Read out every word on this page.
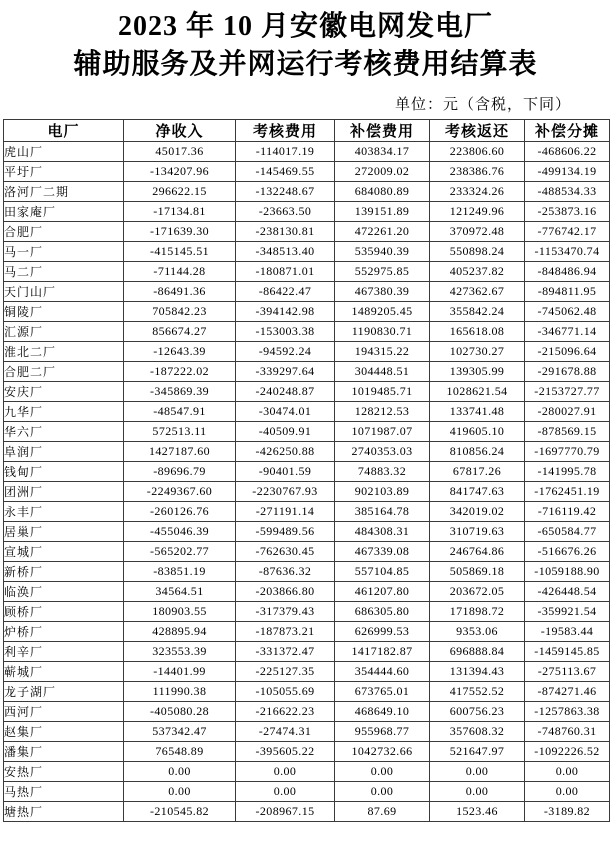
2023 年 10 月安徽电网发电厂
辅助服务及并网运行考核费用结算表
单位：元（含税，下同）
电厂	净收入	考核费用	补偿费用	考核返还	补偿分摊
虎山厂	45017.36	-114017.19	403834.17	223806.60	-468606.22
平圩厂	-134207.96	-145469.55	272009.02	238386.76	-499134.19
洛河厂二期	296622.15	-132248.67	684080.89	233324.26	-488534.33
田家庵厂	-17134.81	-23663.50	139151.89	121249.96	-253873.16
合肥厂	-171639.30	-238130.81	472261.20	370972.48	-776742.17
马一厂	-415145.51	-348513.40	535940.39	550898.24	-1153470.74
马二厂	-71144.28	-180871.01	552975.85	405237.82	-848486.94
天门山厂	-86491.36	-86422.47	467380.39	427362.67	-894811.95
铜陵厂	705842.23	-394142.98	1489205.45	355842.24	-745062.48
汇源厂	856674.27	-153003.38	1190830.71	165618.08	-346771.14
淮北二厂	-12643.39	-94592.24	194315.22	102730.27	-215096.64
合肥二厂	-187222.02	-339297.64	304448.51	139305.99	-291678.88
安庆厂	-345869.39	-240248.87	1019485.71	1028621.54	-2153727.77
九华厂	-48547.91	-30474.01	128212.53	133741.48	-280027.91
华六厂	572513.11	-40509.91	1071987.07	419605.10	-878569.15
阜润厂	1427187.60	-426250.88	2740353.03	810856.24	-1697770.79
钱甸厂	-89696.79	-90401.59	74883.32	67817.26	-141995.78
团洲厂	-2249367.60	-2230767.93	902103.89	841747.63	-1762451.19
永丰厂	-260126.76	-271191.14	385164.78	342019.02	-716119.42
居巢厂	-455046.39	-599489.56	484308.31	310719.63	-650584.77
宣城厂	-565202.77	-762630.45	467339.08	246764.86	-516676.26
新桥厂	-83851.19	-87636.32	557104.85	505869.18	-1059188.90
临涣厂	34564.51	-203866.80	461207.80	203672.05	-426448.54
顾桥厂	180903.55	-317379.43	686305.80	171898.72	-359921.54
炉桥厂	428895.94	-187873.21	626999.53	9353.06	-19583.44
利辛厂	323553.39	-331372.47	1417182.87	696888.84	-1459145.85
蕲城厂	-14401.99	-225127.35	354444.60	131394.43	-275113.67
龙子湖厂	111990.38	-105055.69	673765.01	417552.52	-874271.46
西河厂	-405080.28	-216622.23	468649.10	600756.23	-1257863.38
赵集厂	537342.47	-27474.31	955968.77	357608.32	-748760.31
潘集厂	76548.89	-395605.22	1042732.66	521647.97	-1092226.52
安热厂	0.00	0.00	0.00	0.00	0.00
马热厂	0.00	0.00	0.00	0.00	0.00
塘热厂	-210545.82	-208967.15	87.69	1523.46	-3189.82
